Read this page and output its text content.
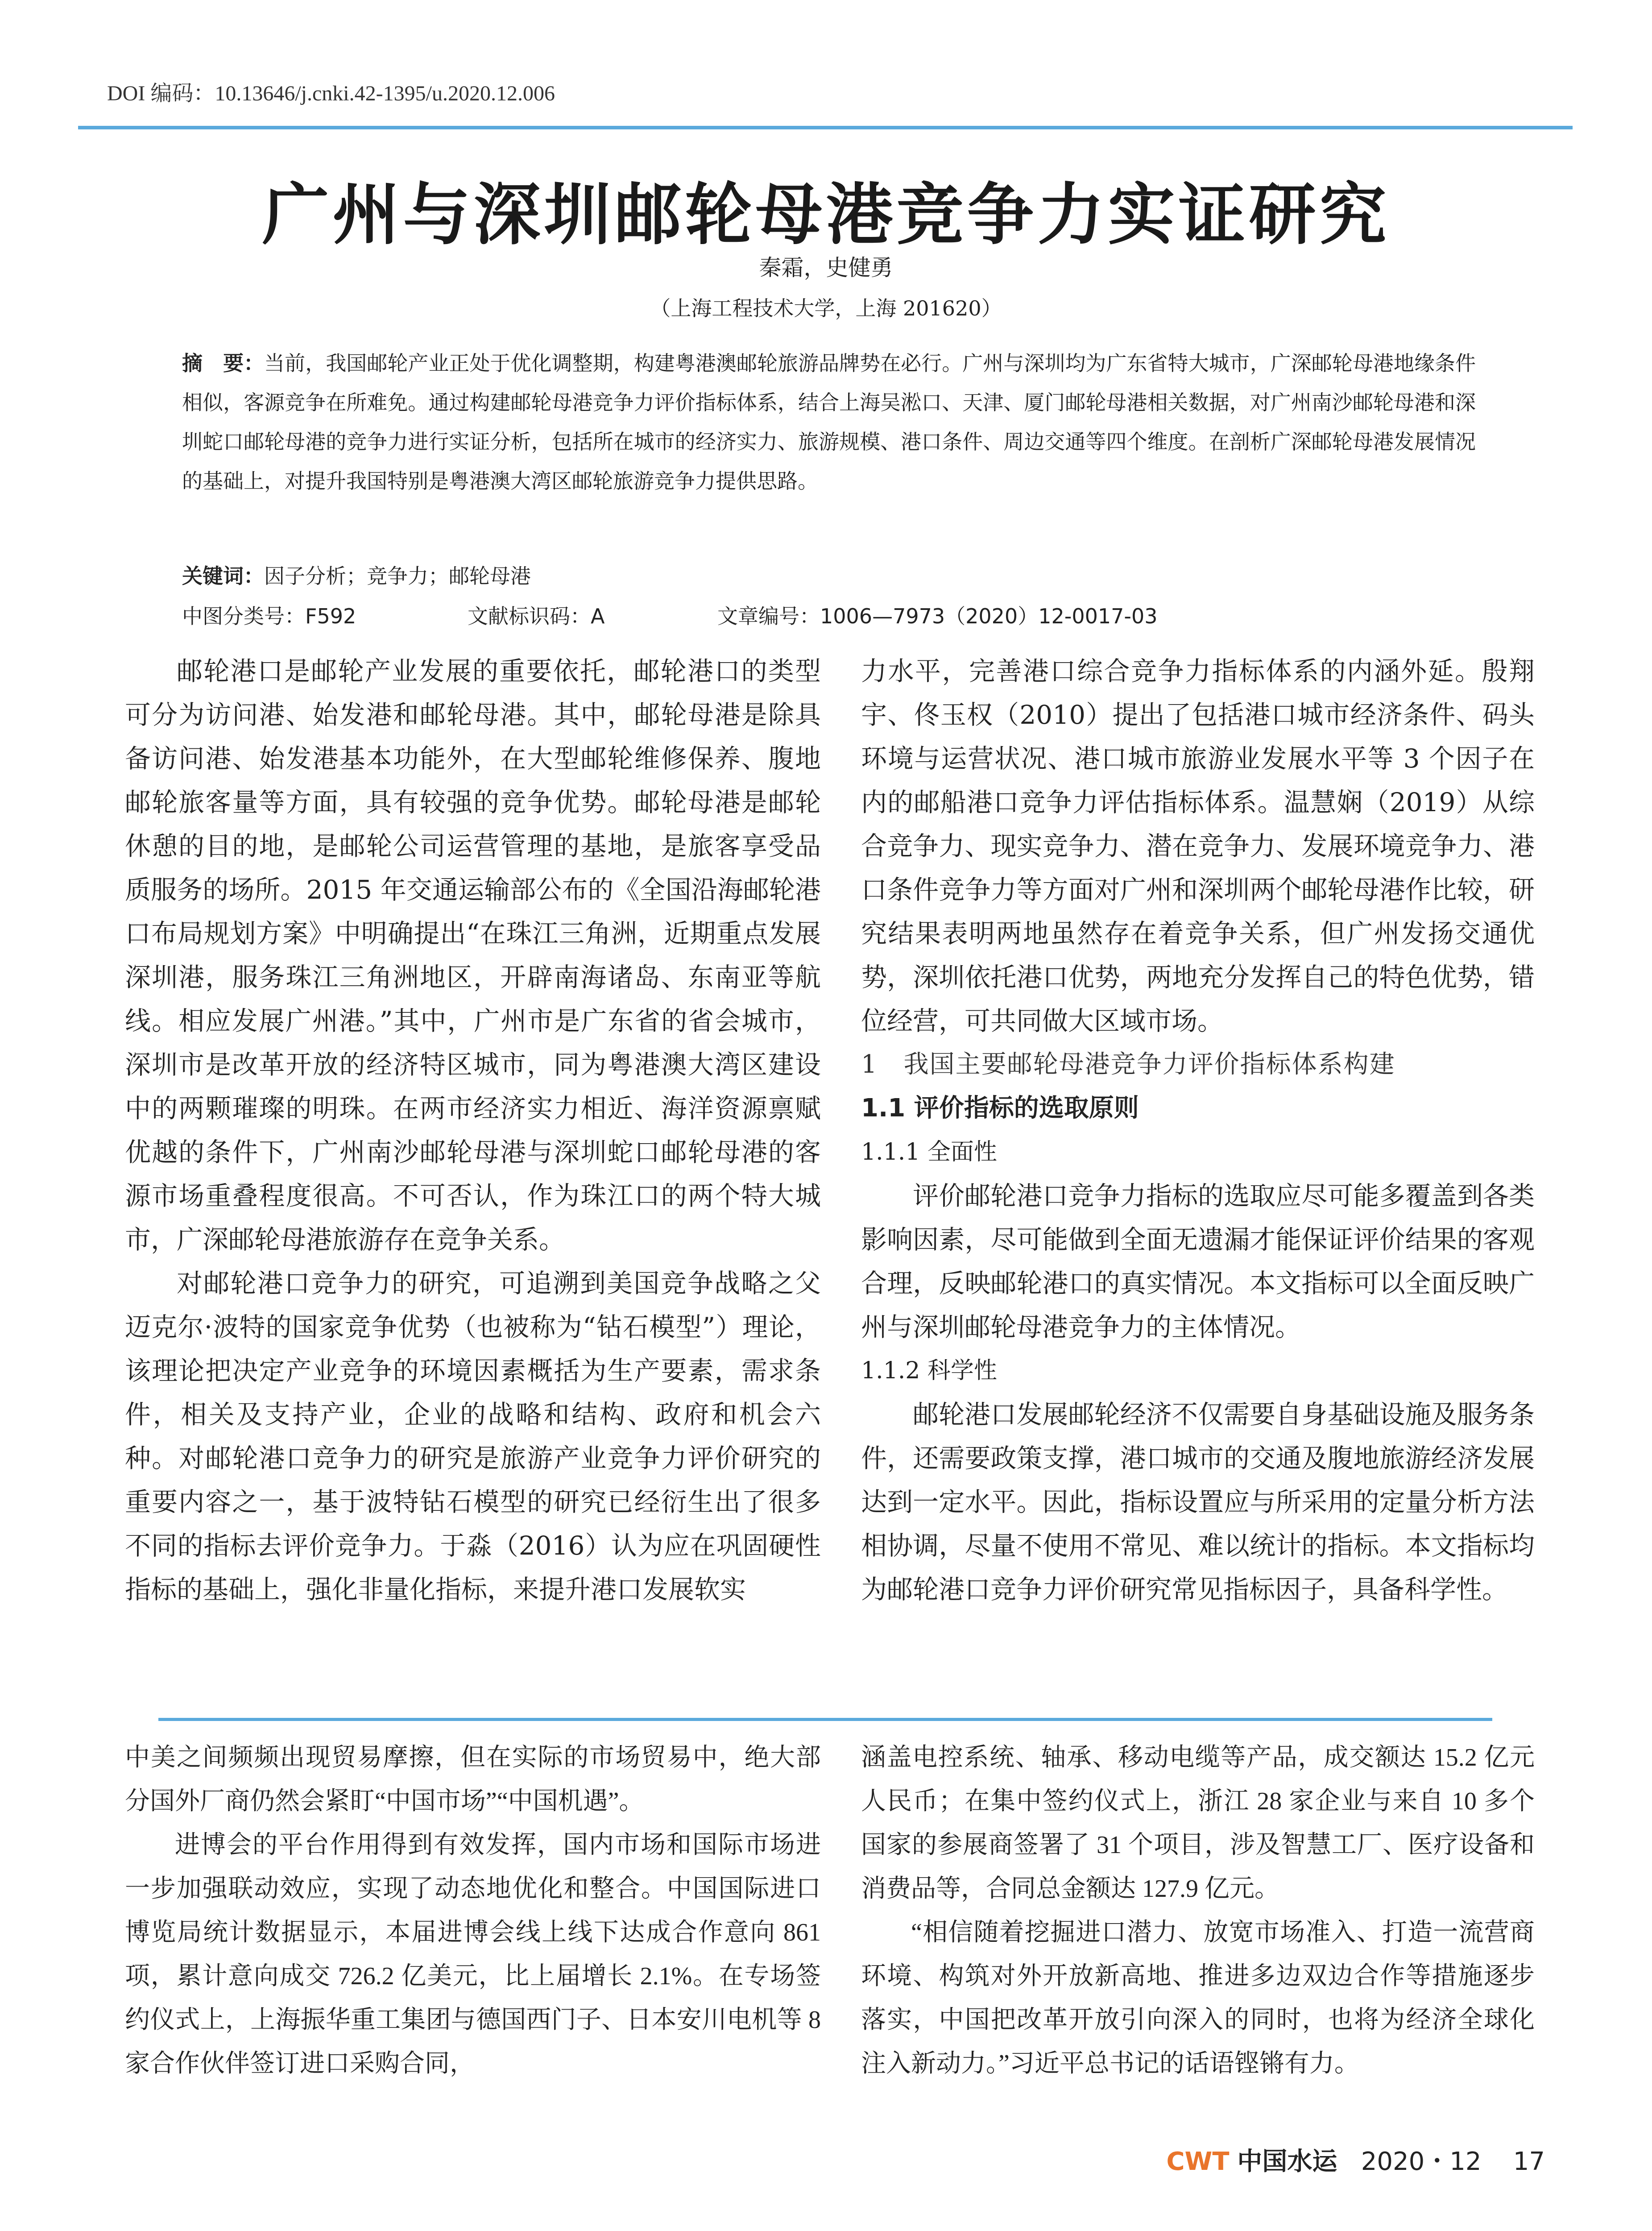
DOI 编码：10.13646/j.cnki.42-1395/u.2020.12.006
广州与深圳邮轮母港竞争力实证研究
秦霜，史健勇
（上海工程技术大学，上海 201620）
摘　要：当前，我国邮轮产业正处于优化调整期，构建粤港澳邮轮旅游品牌势在必行。广州与深圳均为广东省特大城市，广深邮轮母港地缘条件相似，客源竞争在所难免。通过构建邮轮母港竞争力评价指标体系，结合上海吴淞口、天津、厦门邮轮母港相关数据，对广州南沙邮轮母港和深圳蛇口邮轮母港的竞争力进行实证分析，包括所在城市的经济实力、旅游规模、港口条件、周边交通等四个维度。在剖析广深邮轮母港发展情况的基础上，对提升我国特别是粤港澳大湾区邮轮旅游竞争力提供思路。
关键词：因子分析；竞争力；邮轮母港
中图分类号：F592	文献标识码：A	文章编号：1006—7973（2020）12-0017-03

邮轮港口是邮轮产业发展的重要依托，邮轮港口的类型可分为访问港、始发港和邮轮母港。其中，邮轮母港是除具备访问港、始发港基本功能外，在大型邮轮维修保养、腹地邮轮旅客量等方面，具有较强的竞争优势。邮轮母港是邮轮休憩的目的地，是邮轮公司运营管理的基地，是旅客享受品质服务的场所。2015 年交通运输部公布的《全国沿海邮轮港口布局规划方案》中明确提出“在珠江三角洲，近期重点发展深圳港，服务珠江三角洲地区，开辟南海诸岛、东南亚等航线。相应发展广州港。”其中，广州市是广东省的省会城市，深圳市是改革开放的经济特区城市，同为粤港澳大湾区建设中的两颗璀璨的明珠。在两市经济实力相近、海洋资源禀赋优越的条件下，广州南沙邮轮母港与深圳蛇口邮轮母港的客源市场重叠程度很高。不可否认，作为珠江口的两个特大城市，广深邮轮母港旅游存在竞争关系。

对邮轮港口竞争力的研究，可追溯到美国竞争战略之父迈克尔·波特的国家竞争优势（也被称为“钻石模型”）理论，该理论把决定产业竞争的环境因素概括为生产要素，需求条件，相关及支持产业，企业的战略和结构、政府和机会六种。对邮轮港口竞争力的研究是旅游产业竞争力评价研究的重要内容之一，基于波特钻石模型的研究已经衍生出了很多不同的指标去评价竞争力。于淼（2016）认为应在巩固硬性指标的基础上，强化非量化指标，来提升港口发展软实

力水平，完善港口综合竞争力指标体系的内涵外延。殷翔宇、佟玉权（2010）提出了包括港口城市经济条件、码头环境与运营状况、港口城市旅游业发展水平等 3 个因子在内的邮船港口竞争力评估指标体系。温慧娴（2019）从综合竞争力、现实竞争力、潜在竞争力、发展环境竞争力、港口条件竞争力等方面对广州和深圳两个邮轮母港作比较，研究结果表明两地虽然存在着竞争关系，但广州发扬交通优势，深圳依托港口优势，两地充分发挥自己的特色优势，错位经营，可共同做大区域市场。

1　我国主要邮轮母港竞争力评价指标体系构建

1.1 评价指标的选取原则

1.1.1 全面性

评价邮轮港口竞争力指标的选取应尽可能多覆盖到各类影响因素，尽可能做到全面无遗漏才能保证评价结果的客观合理，反映邮轮港口的真实情况。本文指标可以全面反映广州与深圳邮轮母港竞争力的主体情况。

1.1.2 科学性

邮轮港口发展邮轮经济不仅需要自身基础设施及服务条件，还需要政策支撑，港口城市的交通及腹地旅游经济发展达到一定水平。因此，指标设置应与所采用的定量分析方法相协调，尽量不使用不常见、难以统计的指标。本文指标均为邮轮港口竞争力评价研究常见指标因子，具备科学性。

中美之间频频出现贸易摩擦，但在实际的市场贸易中，绝大部分国外厂商仍然会紧盯“中国市场”“中国机遇”。

进博会的平台作用得到有效发挥，国内市场和国际市场进一步加强联动效应，实现了动态地优化和整合。中国国际进口博览局统计数据显示，本届进博会线上线下达成合作意向 861 项，累计意向成交 726.2 亿美元，比上届增长 2.1%。在专场签约仪式上，上海振华重工集团与德国西门子、日本安川电机等 8 家合作伙伴签订进口采购合同，

涵盖电控系统、轴承、移动电缆等产品，成交额达 15.2 亿元人民币；在集中签约仪式上，浙江 28 家企业与来自 10 多个国家的参展商签署了 31 个项目，涉及智慧工厂、医疗设备和消费品等，合同总金额达 127.9 亿元。

“相信随着挖掘进口潜力、放宽市场准入、打造一流营商环境、构筑对外开放新高地、推进多边双边合作等措施逐步落实，中国把改革开放引向深入的同时，也将为经济全球化注入新动力。”习近平总书记的话语铿锵有力。

CWT 中国水运 2020・12 17
